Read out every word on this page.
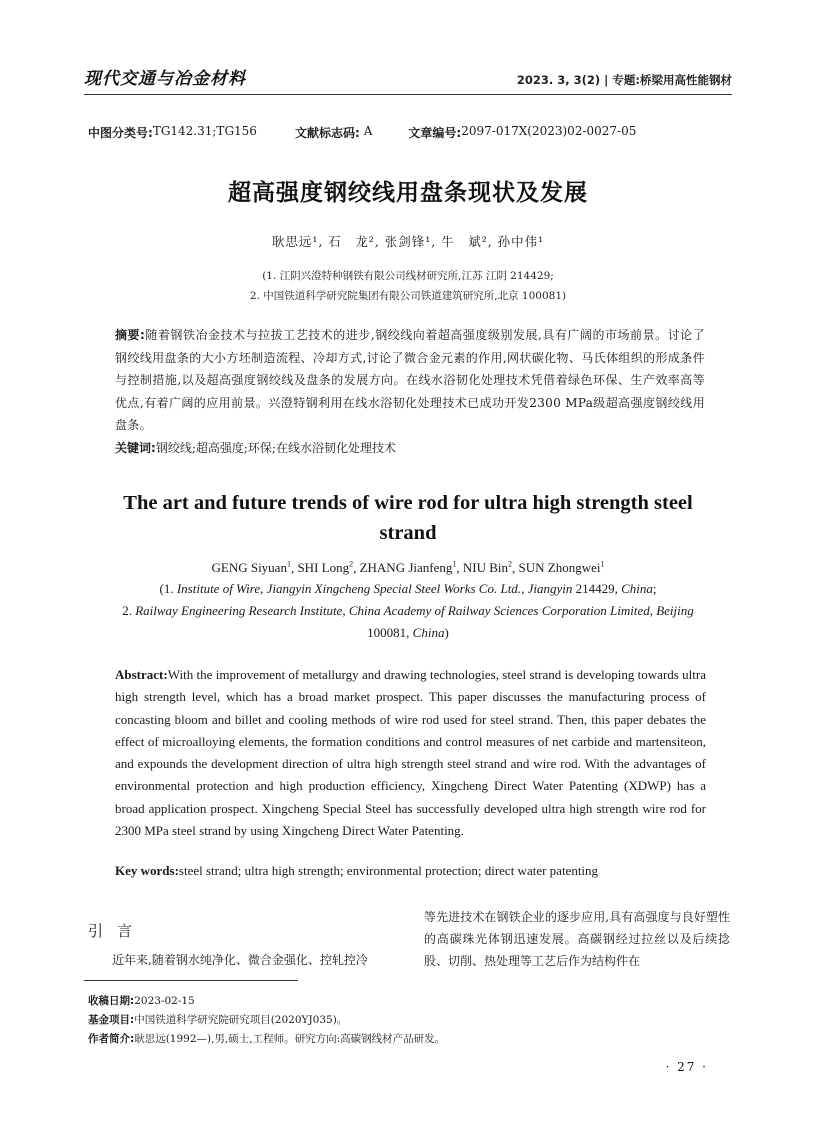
现代交通与冶金材料	2023. 3, 3(2) | 专题:桥梁用高性能钢材
中图分类号: TG142.31;TG156	文献标志码: A	文章编号: 2097-017X(2023)02-0027-05
超高强度钢绞线用盘条现状及发展
耿思远¹, 石　龙², 张剑锋¹, 牛　斌², 孙中伟¹
(1. 江阴兴澄特种钢铁有限公司线材研究所,江苏 江阴 214429;
2. 中国铁道科学研究院集团有限公司铁道建筑研究所,北京 100081)
摘要:随着钢铁冶金技术与拉拔工艺技术的进步,钢绞线向着超高强度级别发展,具有广阔的市场前景。讨论了钢绞线用盘条的大小方坯制造流程、冷却方式,讨论了微合金元素的作用,网状碳化物、马氏体组织的形成条件与控制措施,以及超高强度钢绞线及盘条的发展方向。在线水浴韧化处理技术凭借着绿色环保、生产效率高等优点,有着广阔的应用前景。兴澄特钢利用在线水浴韧化处理技术已成功开发2300 MPa级超高强度钢绞线用盘条。
关键词:钢绞线;超高强度;环保;在线水浴韧化处理技术
The art and future trends of wire rod for ultra high strength steel strand
GENG Siyuan$^1$, SHI Long$^2$, ZHANG Jianfeng$^1$, NIU Bin$^2$, SUN Zhongwei$^1$
(1. Institute of Wire, Jiangyin Xingcheng Special Steel Works Co. Ltd., Jiangyin 214429, China;
2. Railway Engineering Research Institute, China Academy of Railway Sciences Corporation Limited, Beijing 100081, China)
Abstract:With the improvement of metallurgy and drawing technologies, steel strand is developing towards ultra high strength level, which has a broad market prospect. This paper discusses the manufacturing process of concasting bloom and billet and cooling methods of wire rod used for steel strand. Then, this paper debates the effect of microalloying elements, the formation conditions and control measures of net carbide and martensiteon, and expounds the development direction of ultra high strength steel strand and wire rod. With the advantages of environmental protection and high production efficiency, Xingcheng Direct Water Patenting (XDWP) has a broad application prospect. Xingcheng Special Steel has successfully developed ultra high strength wire rod for 2300 MPa steel strand by using Xingcheng Direct Water Patenting.
Key words:steel strand; ultra high strength; environmental protection; direct water patenting
引言
近年来,随着钢水纯净化、微合金强化、控轧控冷
等先进技术在钢铁企业的逐步应用,具有高强度与良好塑性的高碳珠光体钢迅速发展。高碳钢经过拉丝以及后续捻股、切削、热处理等工艺后作为结构件在
收稿日期:2023-02-15
基金项目:中国铁道科学研究院研究项目(2020YJ035)。
作者简介:耿思远(1992—),男,硕士,工程师。研究方向:高碳钢线材产品研发。
· 27 ·
